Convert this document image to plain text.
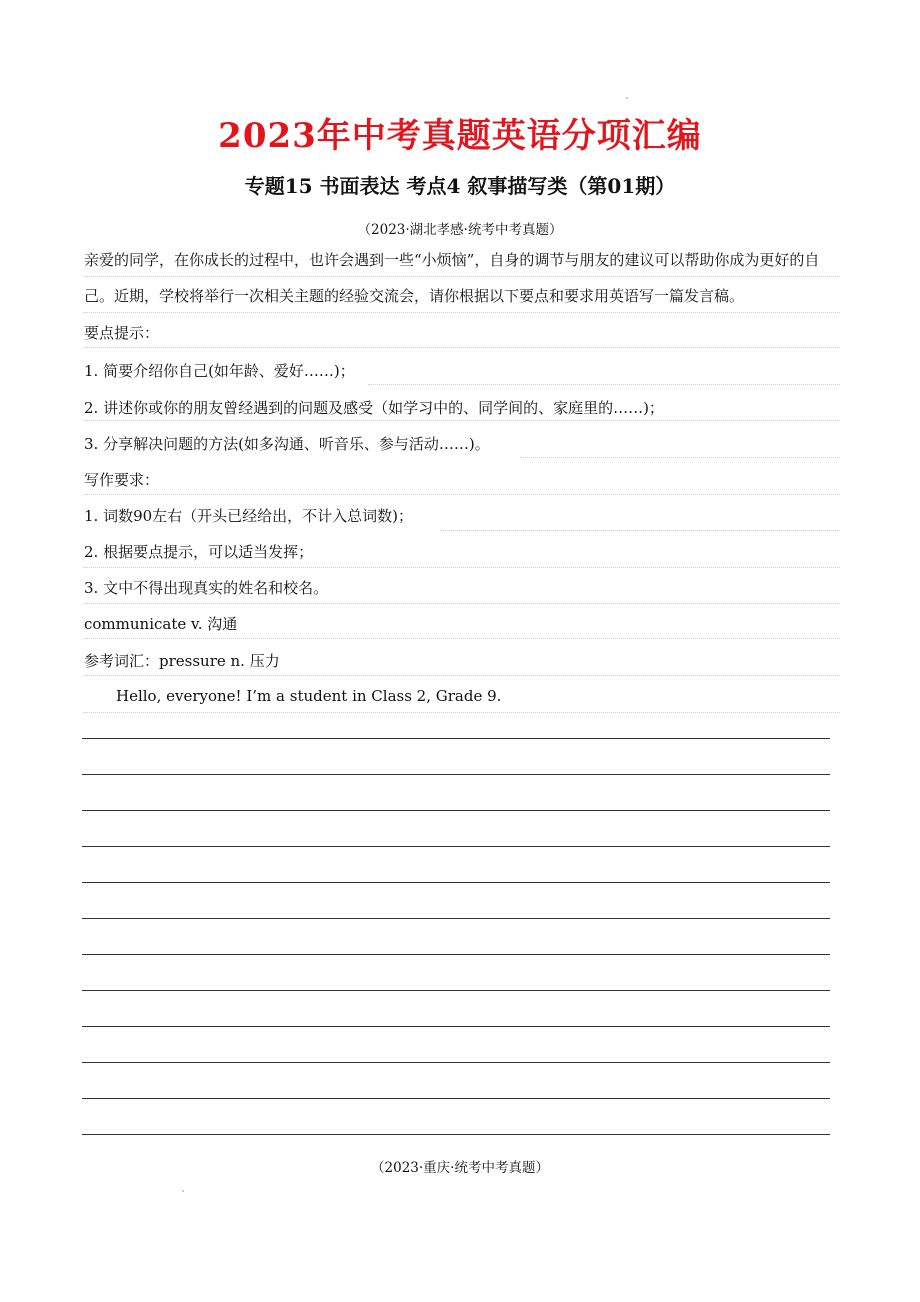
2023年中考真题英语分项汇编
专题15 书面表达 考点4 叙事描写类（第01期）
（2023·湖北孝感·统考中考真题）
亲爱的同学，在你成长的过程中，也许会遇到一些“小烦恼”，自身的调节与朋友的建议可以帮助你成为更好的自己。近期，学校将举行一次相关主题的经验交流会，请你根据以下要点和要求用英语写一篇发言稿。
要点提示：
1. 简要介绍你自己(如年龄、爱好……)；
2. 讲述你或你的朋友曾经遇到的问题及感受（如学习中的、同学间的、家庭里的……)；
3. 分享解决问题的方法(如多沟通、听音乐、参与活动……)。
写作要求：
1. 词数90左右（开头已经给出，不计入总词数)；
2. 根据要点提示，可以适当发挥；
3. 文中不得出现真实的姓名和校名。
communicate v. 沟通
参考词汇：pressure n. 压力
Hello, everyone! I’m a student in Class 2, Grade 9.
（2023·重庆·统考中考真题）
